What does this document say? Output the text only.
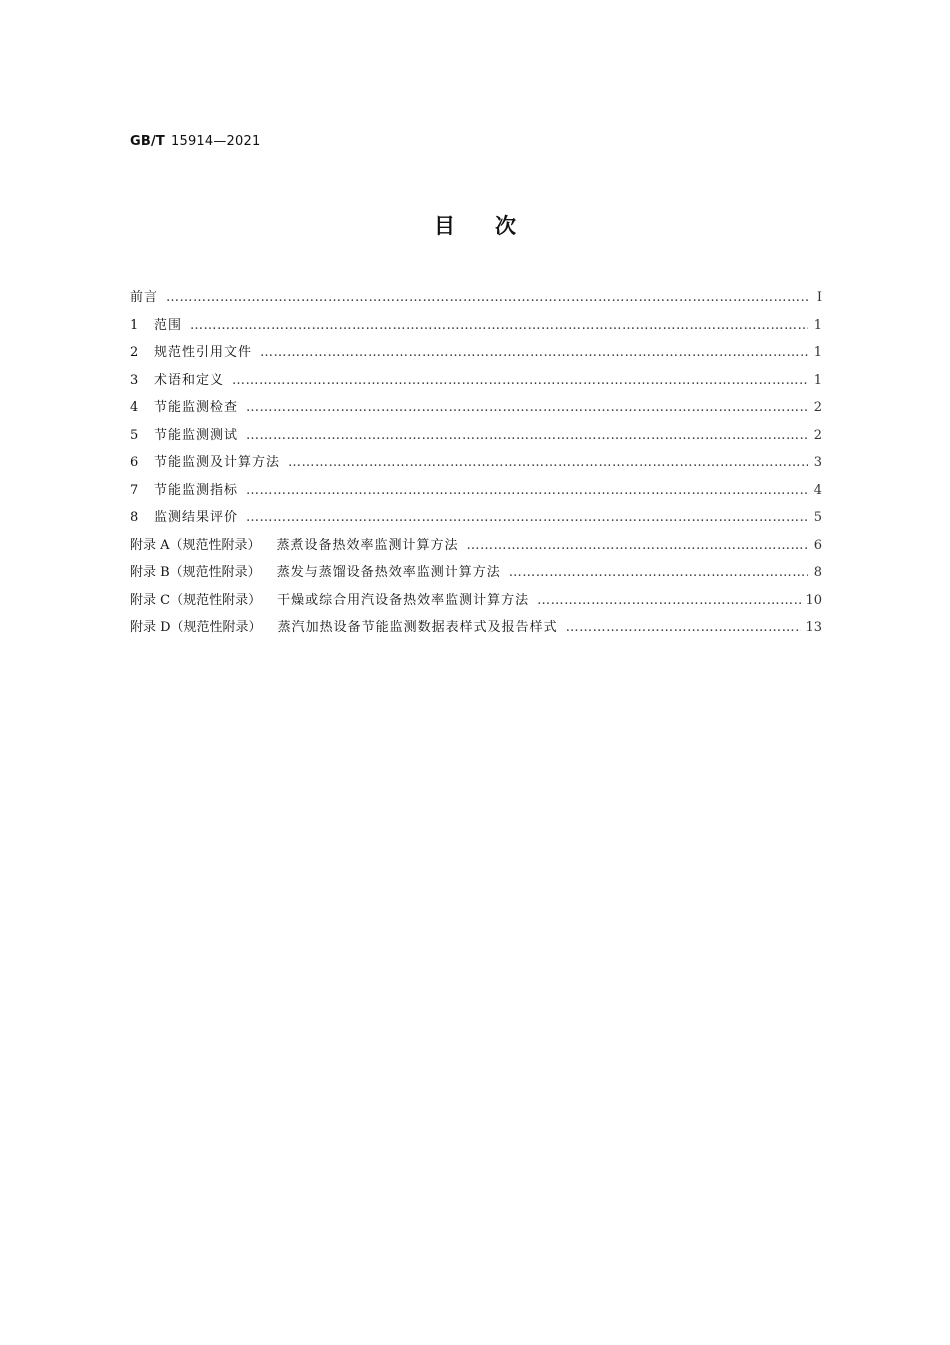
GB/T 15914—2021
目次
前言 ……………………………………………………………………………………………………………………………………………………………………………………………………	Ⅰ
1	范围 ……………………………………………………………………………………………………………………………………………………………………………………………………	1
2	规范性引用文件 ……………………………………………………………………………………………………………………………………………………………………………………………………	1
3	术语和定义 ……………………………………………………………………………………………………………………………………………………………………………………………………	1
4	节能监测检查 ……………………………………………………………………………………………………………………………………………………………………………………………………	2
5	节能监测测试 ……………………………………………………………………………………………………………………………………………………………………………………………………	2
6	节能监测及计算方法 ……………………………………………………………………………………………………………………………………………………………………………………………………	3
7	节能监测指标 ……………………………………………………………………………………………………………………………………………………………………………………………………	4
8	监测结果评价 ……………………………………………………………………………………………………………………………………………………………………………………………………	5
附录 A（规范性附录） 蒸煮设备热效率监测计算方法 ……………………………………………………………………………………………………………………………………………………………………………………………………	6
附录 B（规范性附录） 蒸发与蒸馏设备热效率监测计算方法 ……………………………………………………………………………………………………………………………………………………………………………………………………	8
附录 C（规范性附录） 干燥或综合用汽设备热效率监测计算方法 ……………………………………………………………………………………………………………………………………………………………………………………………………	10
附录 D（规范性附录） 蒸汽加热设备节能监测数据表样式及报告样式 ……………………………………………………………………………………………………………………………………………………………………………………………………	13
